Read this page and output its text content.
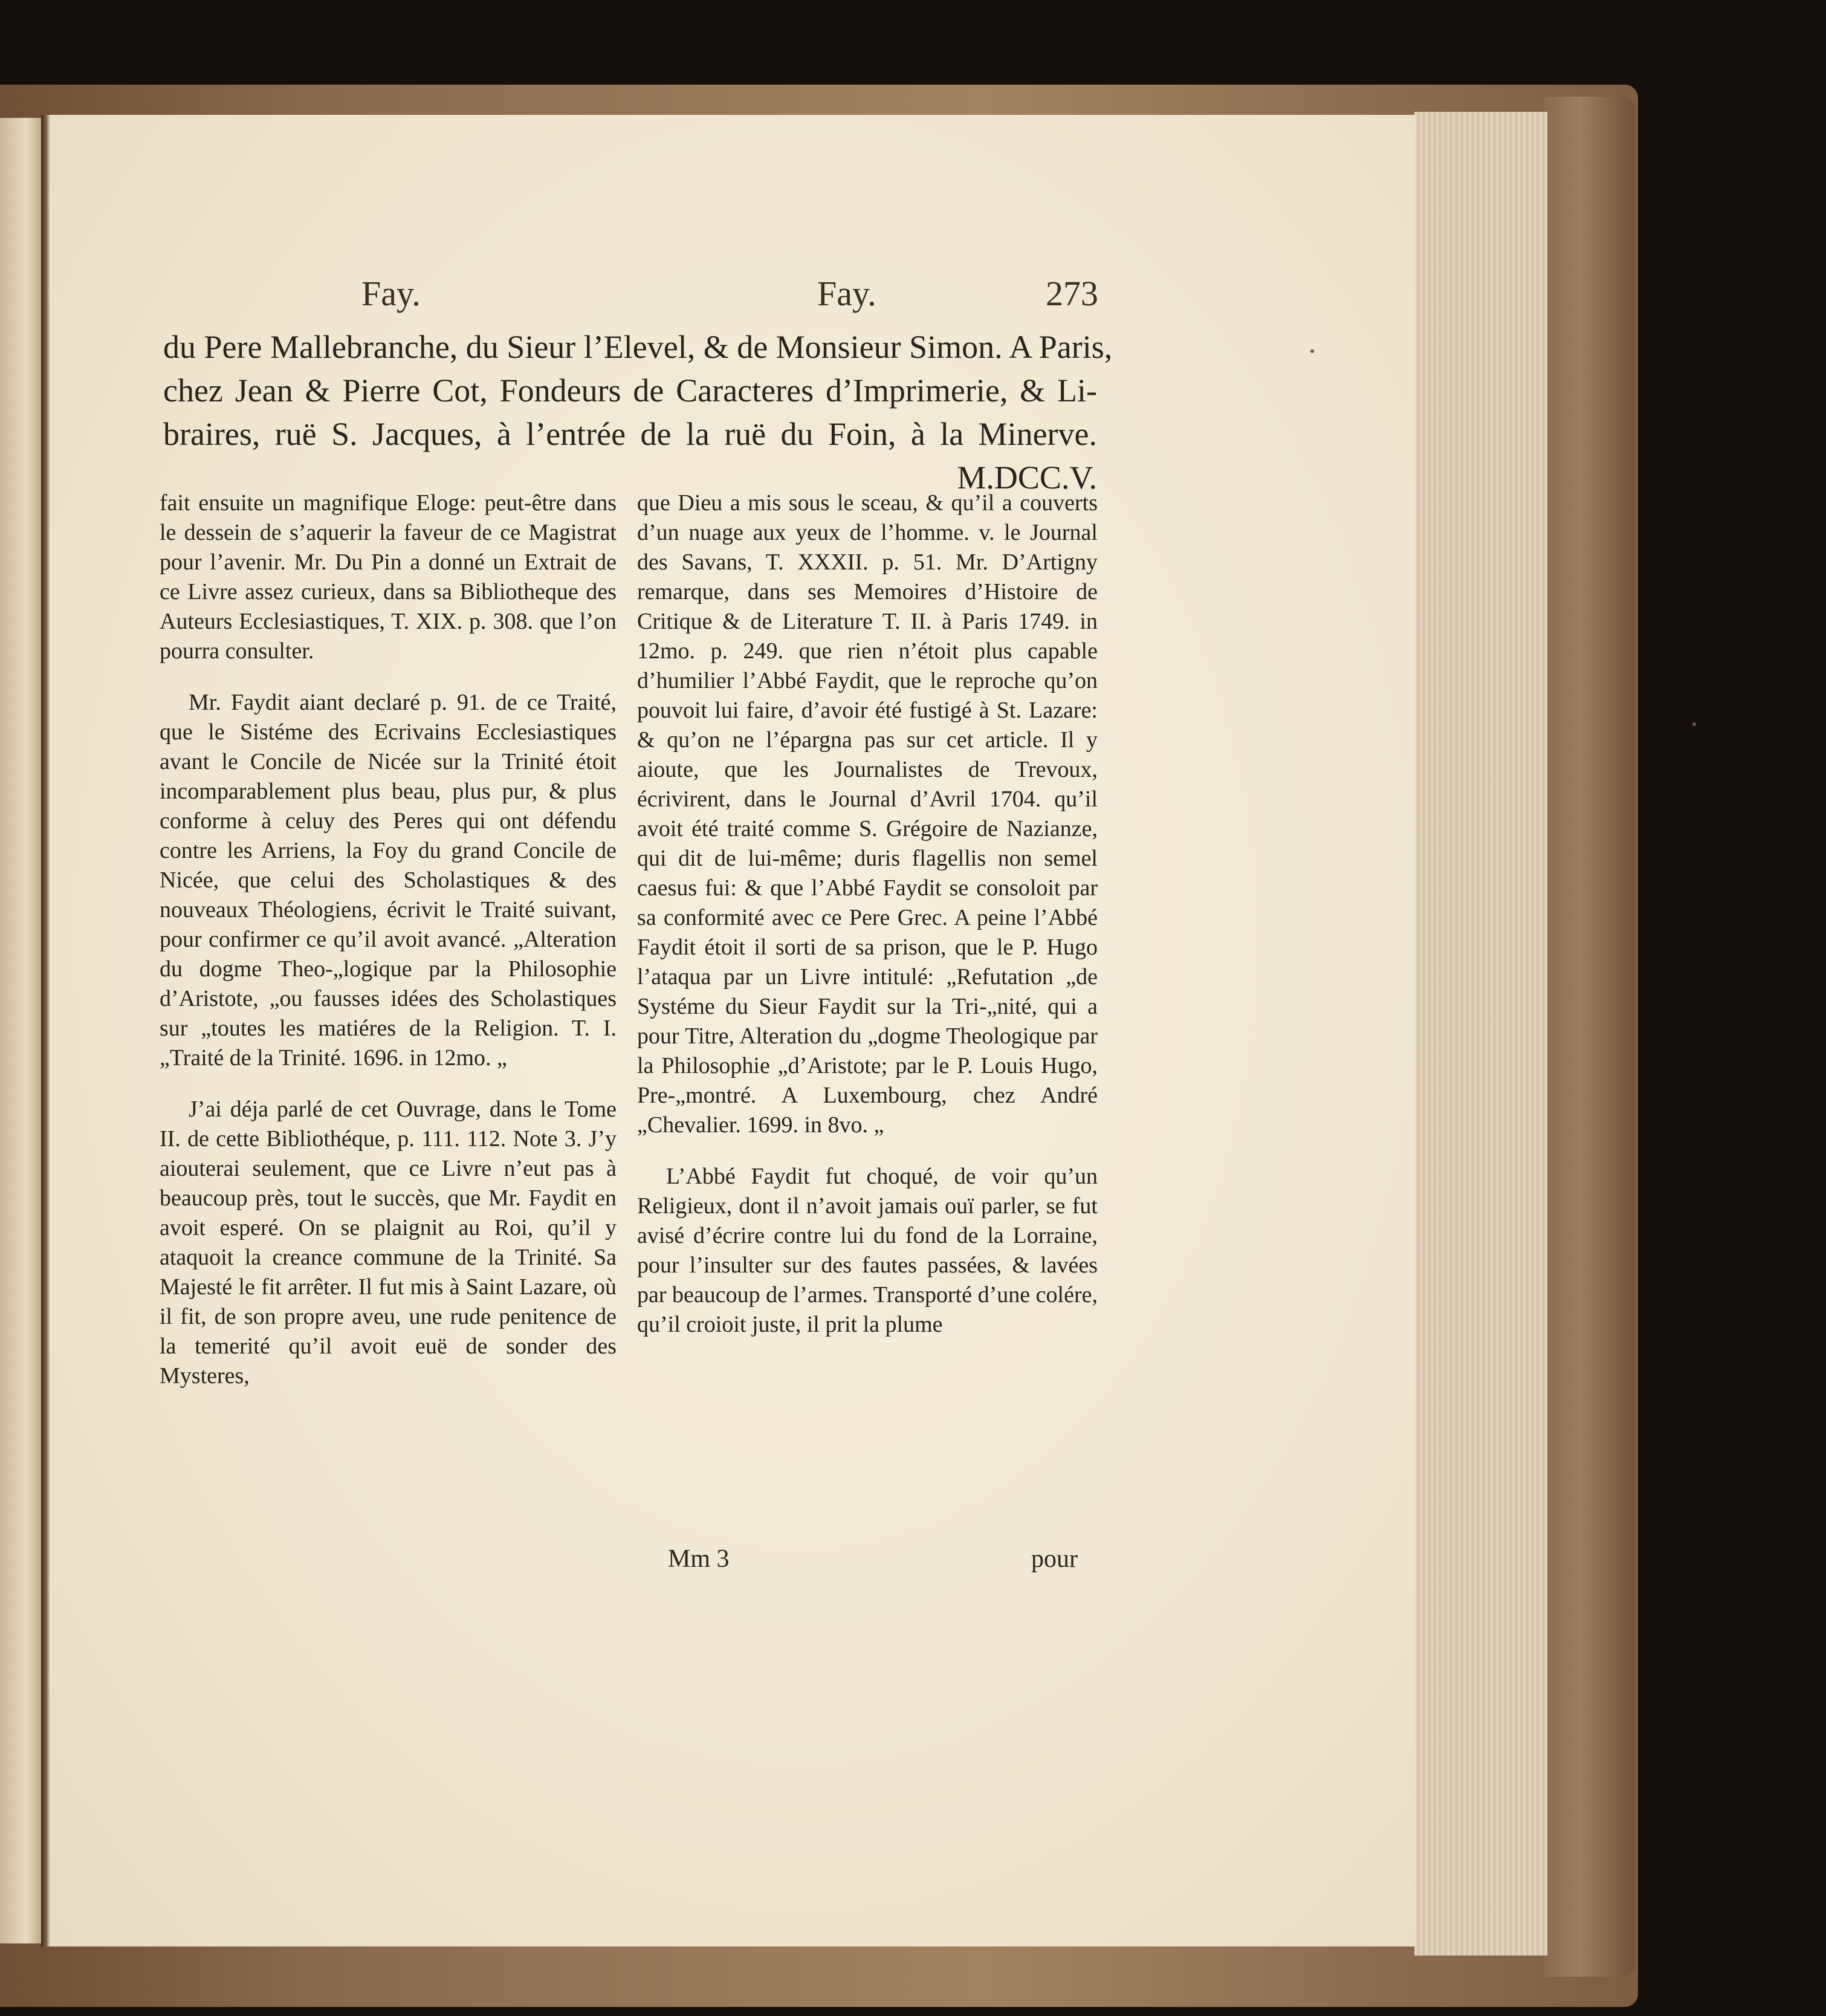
Fay.	Fay.	273
du Pere Mallebranche, du Sieur l’Elevel, & de Monsieur Simon. A Paris,
chez Jean & Pierre Cot, Fondeurs de Caracteres d’Imprimerie, & Li-
braires, ruë S. Jacques, à l’entrée de la ruë du Foin, à la Minerve.
M.DCC.V.

fait ensuite un magnifique Eloge: peut-être dans le dessein de s’aquerir la faveur de ce Magistrat pour l’avenir. Mr. Du Pin a donné un Extrait de ce Livre assez curieux, dans sa Bibliotheque des Auteurs Ecclesiastiques, T. XIX. p. 308. que l’on pourra consulter.

Mr. Faydit aiant declaré p. 91. de ce Traité, que le Sistéme des Ecrivains Ecclesiastiques avant le Concile de Nicée sur la Trinité étoit incomparablement plus beau, plus pur, & plus conforme à celuy des Peres qui ont défendu contre les Arriens, la Foy du grand Concile de Nicée, que celui des Scholastiques & des nouveaux Théologiens, écrivit le Traité suivant, pour confirmer ce qu’il avoit avancé. „Alteration du dogme Theo-„logique par la Philosophie d’Aristote, „ou fausses idées des Scholastiques sur „toutes les matiéres de la Religion. T. I. „Traité de la Trinité. 1696. in 12mo. „

J’ai déja parlé de cet Ouvrage, dans le Tome II. de cette Bibliothéque, p. 111. 112. Note 3. J’y aiouterai seulement, que ce Livre n’eut pas à beaucoup près, tout le succès, que Mr. Faydit en avoit esperé. On se plaignit au Roi, qu’il y ataquoit la creance commune de la Trinité. Sa Majesté le fit arrêter. Il fut mis à Saint Lazare, où il fit, de son propre aveu, une rude penitence de la temerité qu’il avoit euë de sonder des Mysteres,

que Dieu a mis sous le sceau, & qu’il a couverts d’un nuage aux yeux de l’homme. v. le Journal des Savans, T. XXXII. p. 51. Mr. D’Artigny remarque, dans ses Memoires d’Histoire de Critique & de Literature T. II. à Paris 1749. in 12mo. p. 249. que rien n’étoit plus capable d’humilier l’Abbé Faydit, que le reproche qu’on pouvoit lui faire, d’avoir été fustigé à St. Lazare: & qu’on ne l’épargna pas sur cet article. Il y aioute, que les Journalistes de Trevoux, écrivirent, dans le Journal d’Avril 1704. qu’il avoit été traité comme S. Grégoire de Nazianze, qui dit de lui-même; duris flagellis non semel caesus fui: & que l’Abbé Faydit se consoloit par sa conformité avec ce Pere Grec. A peine l’Abbé Faydit étoit il sorti de sa prison, que le P. Hugo l’ataqua par un Livre intitulé: „Refutation „de Systéme du Sieur Faydit sur la Tri-„nité, qui a pour Titre, Alteration du „dogme Theologique par la Philosophie „d’Aristote; par le P. Louis Hugo, Pre-„montré. A Luxembourg, chez André „Chevalier. 1699. in 8vo. „

L’Abbé Faydit fut choqué, de voir qu’un Religieux, dont il n’avoit jamais ouï parler, se fut avisé d’écrire contre lui du fond de la Lorraine, pour l’insulter sur des fautes passées, & lavées par beaucoup de l’armes. Transporté d’une colére, qu’il croioit juste, il prit la plume

Mm 3	pour
